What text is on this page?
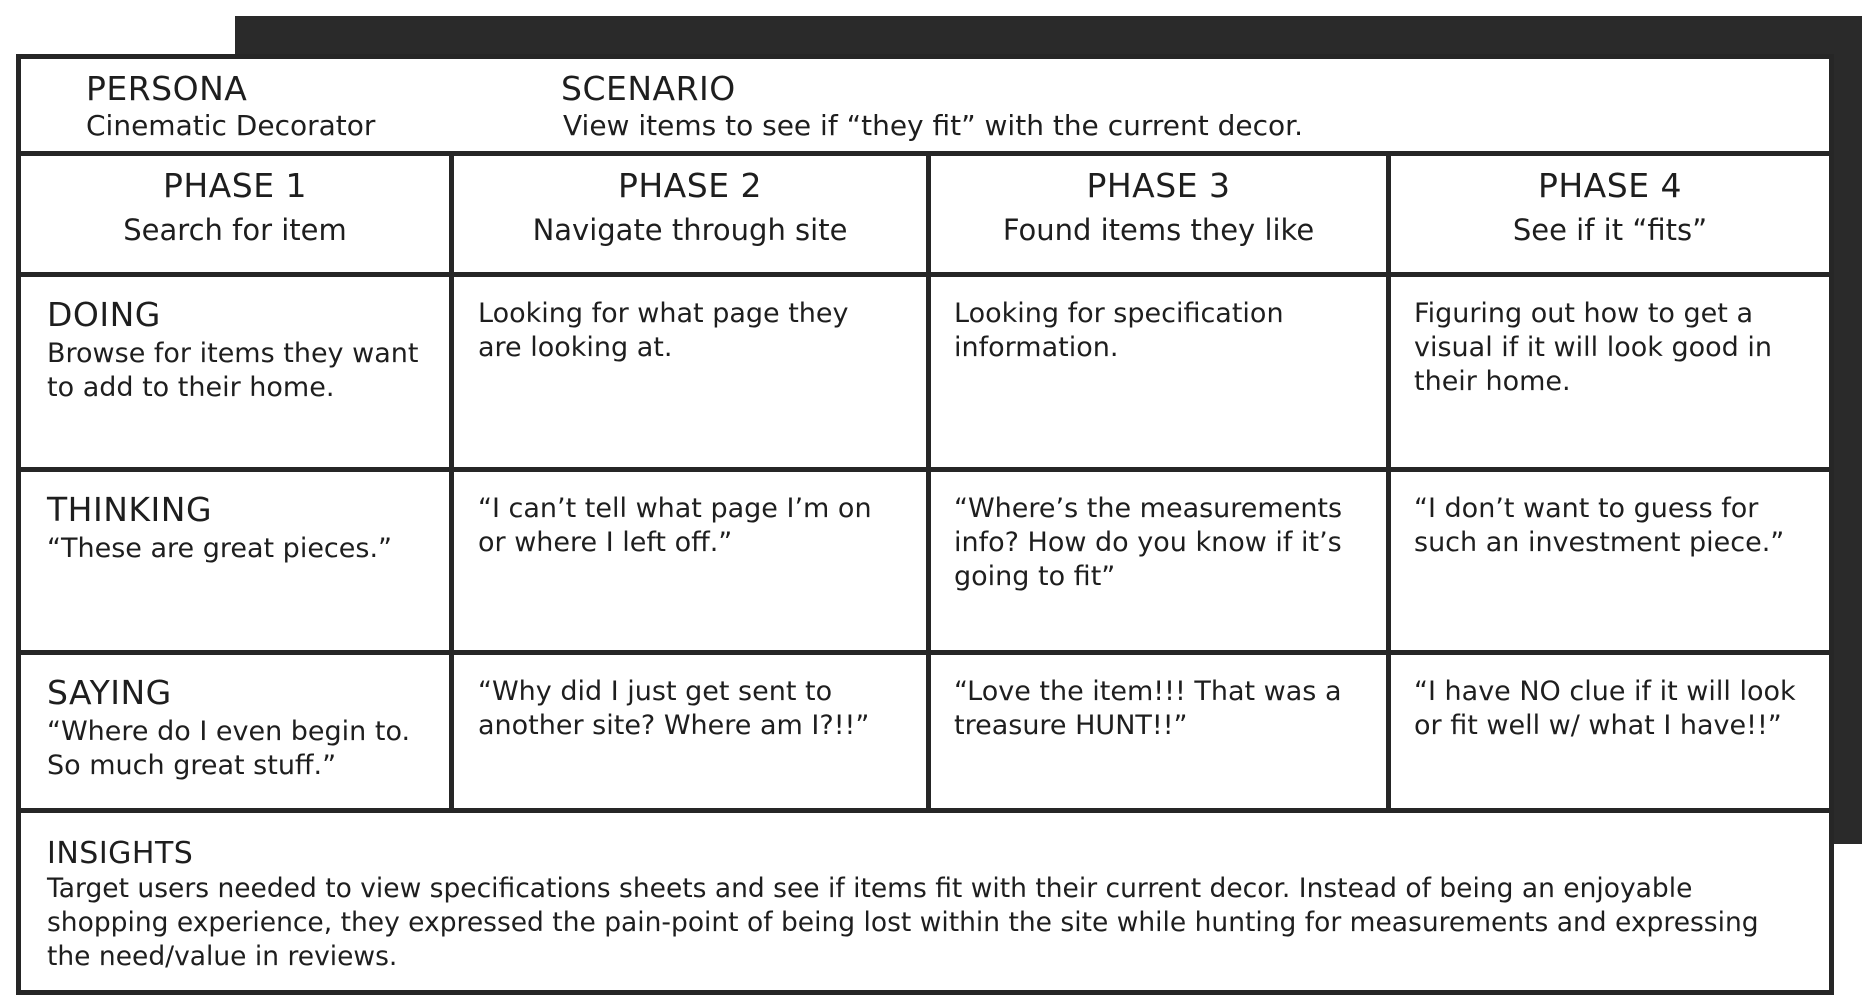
PERSONA
Cinematic Decorator
SCENARIO
View items to see if “they fit” with the current decor.
PHASE 1
Search for item
PHASE 2
Navigate through site
PHASE 3
Found items they like
PHASE 4
See if it “fits”
DOING
Browse for items they want to add to their home.
Looking for what page they are looking at.
Looking for specification information.
Figuring out how to get a visual if it will look good in their home.
THINKING
“These are great pieces.”
“I can’t tell what page I’m on or where I left off.”
“Where’s the measurements info? How do you know if it’s going to fit”
“I don’t want to guess for such an investment piece.”
SAYING
“Where do I even begin to. So much great stuff.”
“Why did I just get sent to another site? Where am I?!!”
“Love the item!!! That was a treasure HUNT!!”
“I have NO clue if it will look or fit well w/ what I have!!”
INSIGHTS
Target users needed to view specifications sheets and see if items fit with their current decor. Instead of being an enjoyable shopping experience, they expressed the pain-point of being lost within the site while hunting for measurements and expressing the need/value in reviews.
